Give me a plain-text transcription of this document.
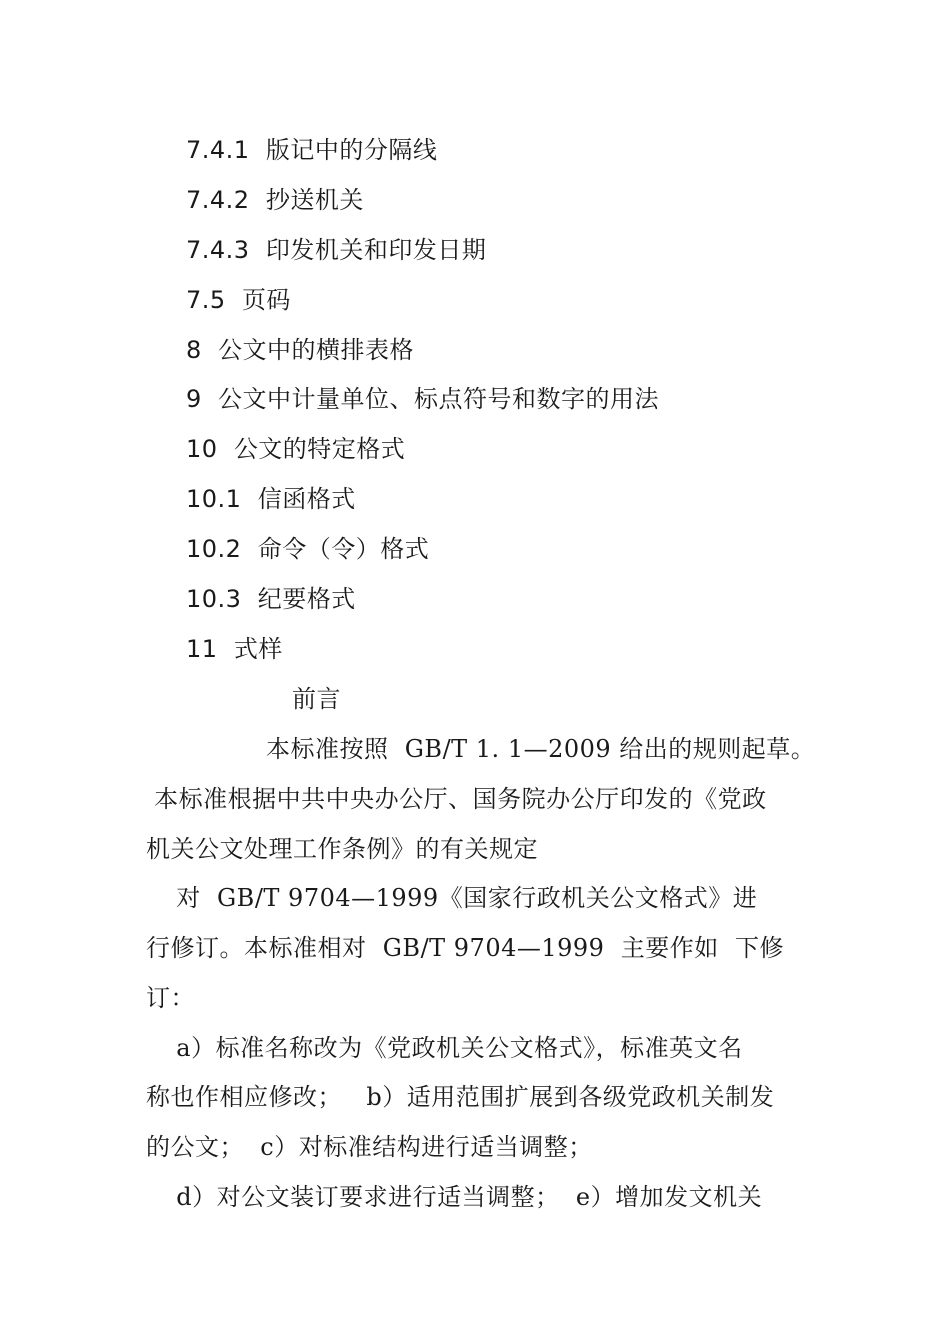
7.4.1 版记中的分隔线
7.4.2 抄送机关
7.4.3 印发机关和印发日期
7.5 页码
8 公文中的横排表格
9 公文中计量单位、标点符号和数字的用法
10 公文的特定格式
10.1 信函格式
10.2 命令（令）格式
10.3 纪要格式
11 式样
前言
本标准按照  GB/T 1. 1—2009 给出的规则起草。
本标准根据中共中央办公厅、国务院办公厅印发的《党政
机关公文处理工作条例》的有关规定
对  GB/T 9704—1999《国家行政机关公文格式》进
行修订。本标准相对  GB/T 9704—1999  主要作如  下修
订：
a）标准名称改为《党政机关公文格式》，标准英文名
称也作相应修改；   b）适用范围扩展到各级党政机关制发
的公文；  c）对标准结构进行适当调整；
d）对公文装订要求进行适当调整；  e）增加发文机关
